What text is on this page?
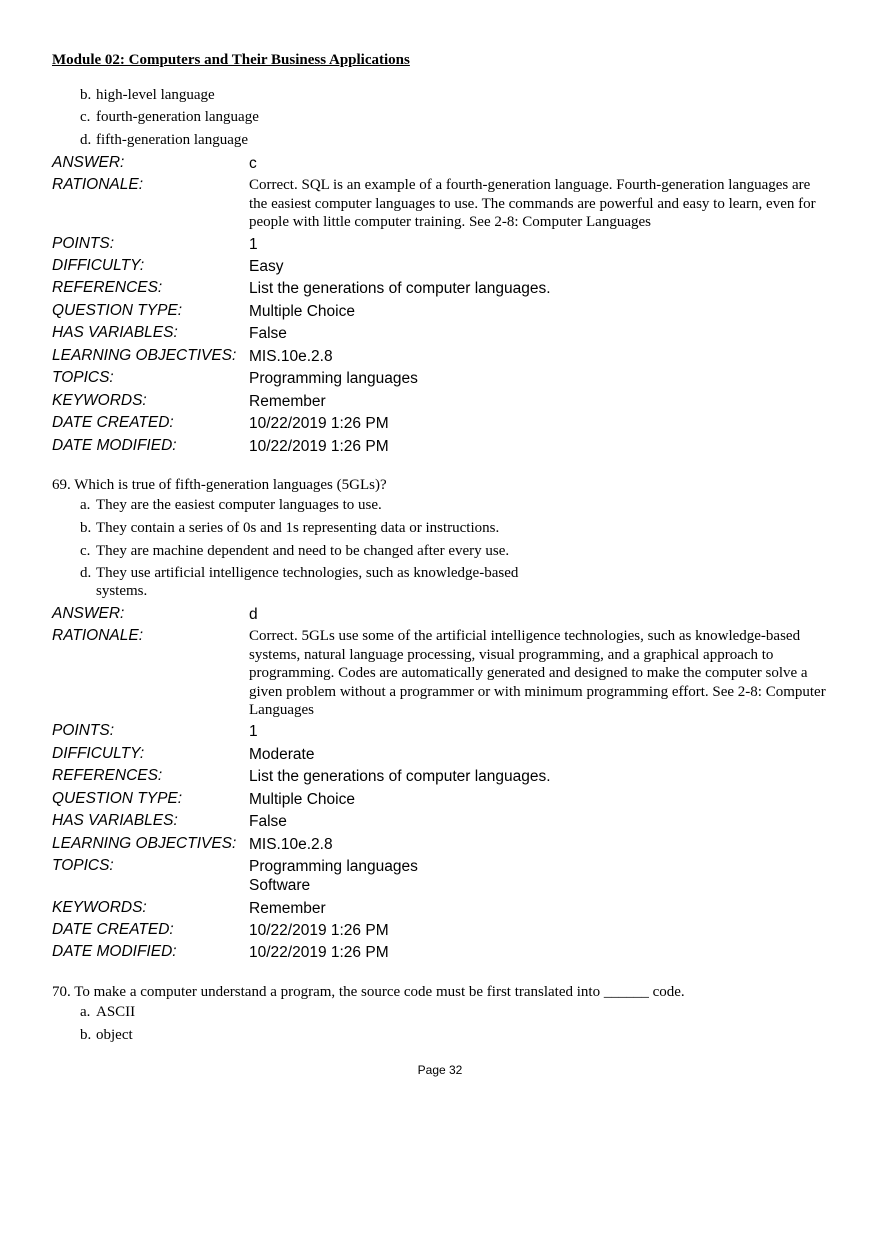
Module 02: Computers and Their Business Applications
b. high-level language
c. fourth-generation language
d. fifth-generation language
ANSWER:	c
RATIONALE:	Correct. SQL is an example of a fourth-generation language. Fourth-generation languages are the easiest computer languages to use. The commands are powerful and easy to learn, even for people with little computer training. See 2-8: Computer Languages
POINTS:	1
DIFFICULTY:	Easy
REFERENCES:	List the generations of computer languages.
QUESTION TYPE:	Multiple Choice
HAS VARIABLES:	False
LEARNING OBJECTIVES: MIS.10e.2.8
TOPICS:	Programming languages
KEYWORDS:	Remember
DATE CREATED:	10/22/2019 1:26 PM
DATE MODIFIED:	10/22/2019 1:26 PM
69. Which is true of fifth-generation languages (5GLs)?
a. They are the easiest computer languages to use.
b. They contain a series of 0s and 1s representing data or instructions.
c. They are machine dependent and need to be changed after every use.
d. They use artificial intelligence technologies, such as knowledge-based systems.
ANSWER:	d
RATIONALE:	Correct. 5GLs use some of the artificial intelligence technologies, such as knowledge-based systems, natural language processing, visual programming, and a graphical approach to programming. Codes are automatically generated and designed to make the computer solve a given problem without a programmer or with minimum programming effort. See 2-8: Computer Languages
POINTS:	1
DIFFICULTY:	Moderate
REFERENCES:	List the generations of computer languages.
QUESTION TYPE:	Multiple Choice
HAS VARIABLES:	False
LEARNING OBJECTIVES: MIS.10e.2.8
TOPICS:	Programming languages
Software
KEYWORDS:	Remember
DATE CREATED:	10/22/2019 1:26 PM
DATE MODIFIED:	10/22/2019 1:26 PM
70. To make a computer understand a program, the source code must be first translated into ______ code.
a. ASCII
b. object
Page 32
